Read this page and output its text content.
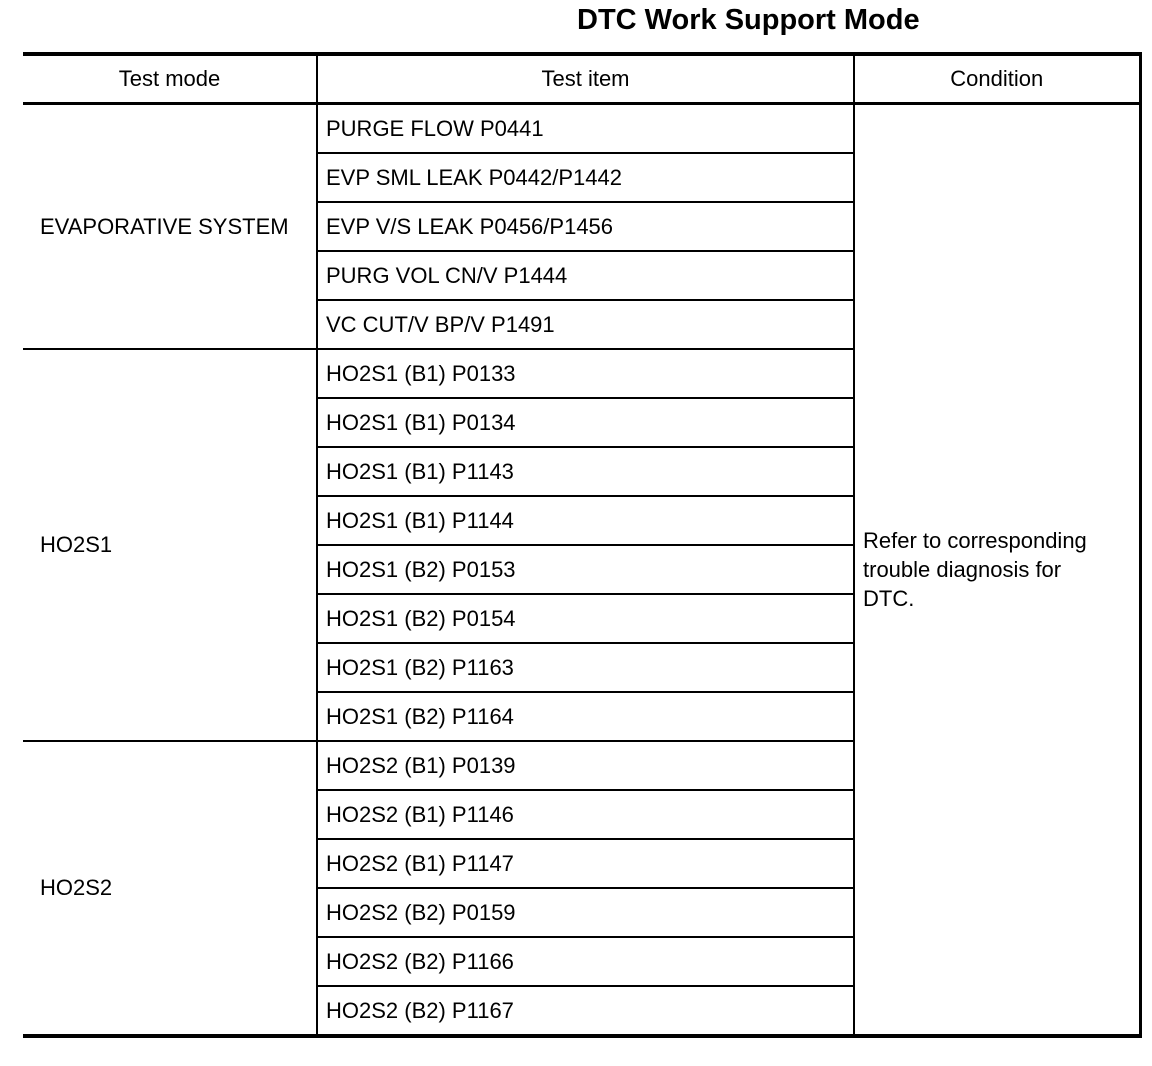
DTC Work Support Mode
Test mode	Test item	Condition
EVAPORATIVE SYSTEM	PURGE FLOW P0441	Refer to corresponding trouble diagnosis for DTC.
	EVP SML LEAK P0442/P1442	
	EVP V/S LEAK P0456/P1456	
	PURG VOL CN/V P1444	
	VC CUT/V BP/V P1491	
HO2S1	HO2S1 (B1) P0133	
	HO2S1 (B1) P0134	
	HO2S1 (B1) P1143	
	HO2S1 (B1) P1144	
	HO2S1 (B2) P0153	
	HO2S1 (B2) P0154	
	HO2S1 (B2) P1163	
	HO2S1 (B2) P1164	
HO2S2	HO2S2 (B1) P0139	
	HO2S2 (B1) P1146	
	HO2S2 (B1) P1147	
	HO2S2 (B2) P0159	
	HO2S2 (B2) P1166	
	HO2S2 (B2) P1167	
